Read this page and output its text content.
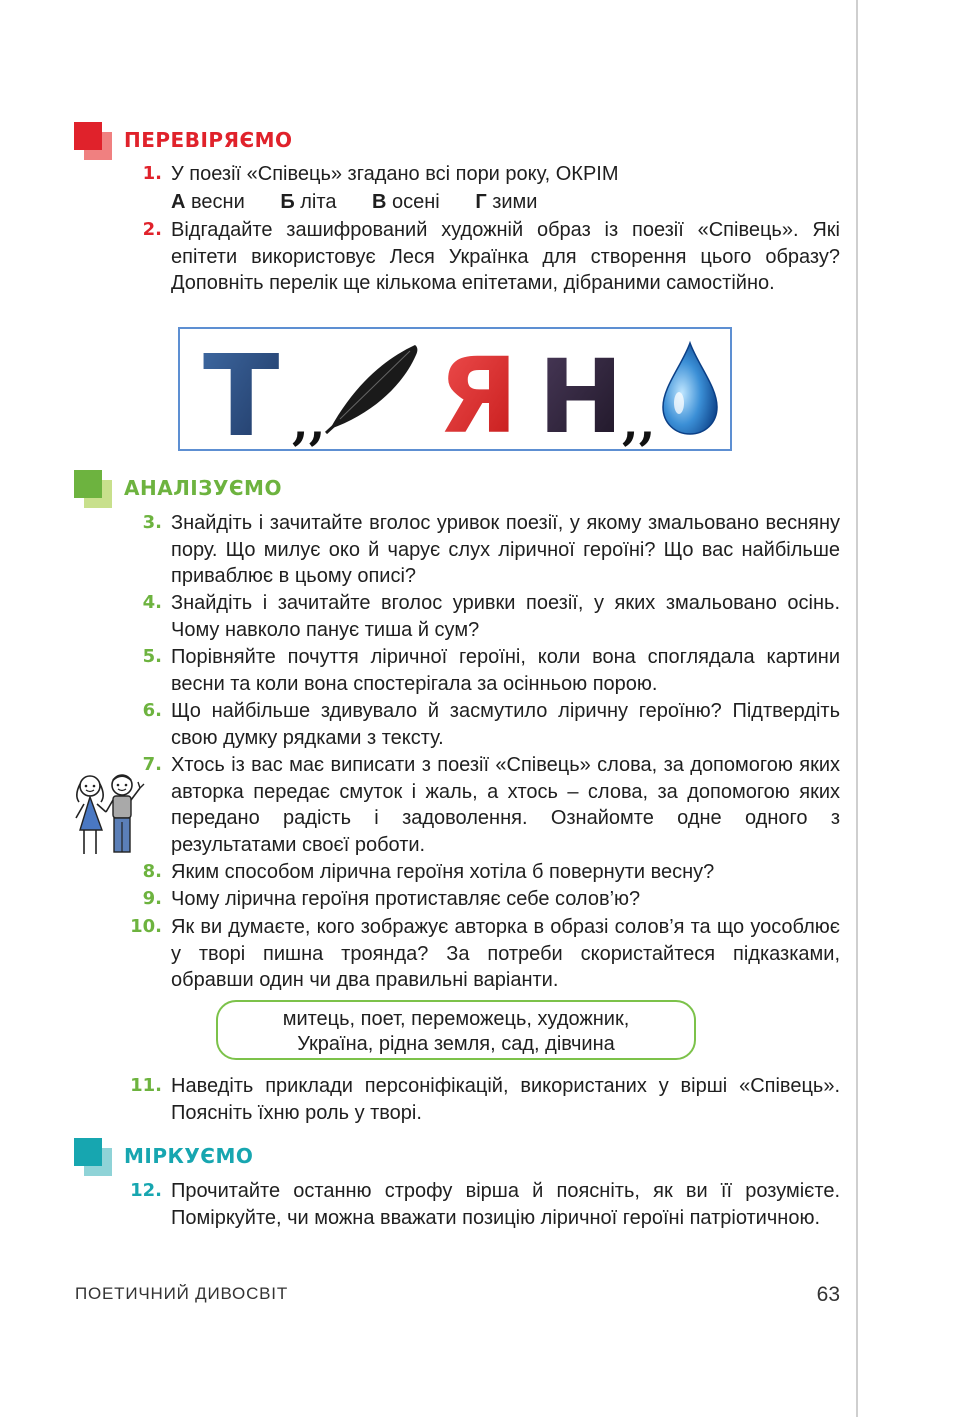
ПЕРЕВІРЯЄМО
1. У поезії «Співець» згадано всі пори року, ОКРІМ
А весни Б літа В осені Г зими
2. Відгадайте зашифрований художній образ із поезії «Співець». Які епітети використовує Леся Українка для створення цього образу? Доповніть перелік ще кількома епітетами, дібраними самостійно.
Т ,, Я Н
,,
АНАЛІЗУЄМО
3. Знайдіть і зачитайте вголос уривок поезії, у якому змальовано весняну пору. Що милує око й чарує слух ліричної героїні? Що вас найбільше приваблює в цьому описі?
4. Знайдіть і зачитайте вголос уривки поезії, у яких змальовано осінь. Чому навколо панує тиша й сум?
5. Порівняйте почуття ліричної героїні, коли вона споглядала картини весни та коли вона спостерігала за осінньою порою.
6. Що найбільше здивувало й засмутило ліричну героїню? Підтвердіть свою думку рядками з тексту.
7. Хтось із вас має виписати з поезії «Співець» слова, за допомогою яких авторка передає смуток і жаль, а хтось – слова, за допомогою яких передано радість і задоволення. Ознайомте одне одного з результатами своєї роботи.
8. Яким способом лірична героїня хотіла б повернути весну?
9. Чому лірична героїня протиставляє себе солов’ю?
10. Як ви думаєте, кого зображує авторка в образі солов’я та що уособлює у творі пишна троянда? За потреби скористайтеся підказками, обравши один чи два правильні варіанти.
митець, поет, переможець, художник,
Україна, рідна земля, сад, дівчина
11. Наведіть приклади персоніфікацій, використаних у вірші «Співець». Поясніть їхню роль у творі.
МІРКУЄМО
12. Прочитайте останню строфу вірша й поясніть, як ви її розумієте. Поміркуйте, чи можна вважати позицію ліричної героїні патріотичною.
ПОЕТИЧНИЙ ДИВОСВІТ	63
